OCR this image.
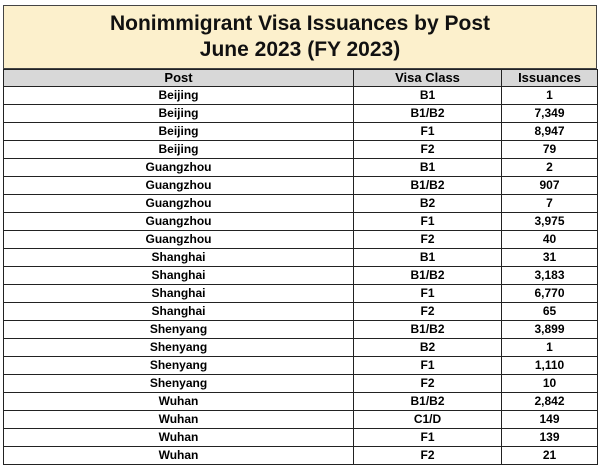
Nonimmigrant Visa Issuances by Post
June 2023 (FY 2023)
Post	Visa Class	Issuances
Beijing	B1	1
Beijing	B1/B2	7,349
Beijing	F1	8,947
Beijing	F2	79
Guangzhou	B1	2
Guangzhou	B1/B2	907
Guangzhou	B2	7
Guangzhou	F1	3,975
Guangzhou	F2	40
Shanghai	B1	31
Shanghai	B1/B2	3,183
Shanghai	F1	6,770
Shanghai	F2	65
Shenyang	B1/B2	3,899
Shenyang	B2	1
Shenyang	F1	1,110
Shenyang	F2	10
Wuhan	B1/B2	2,842
Wuhan	C1/D	149
Wuhan	F1	139
Wuhan	F2	21
